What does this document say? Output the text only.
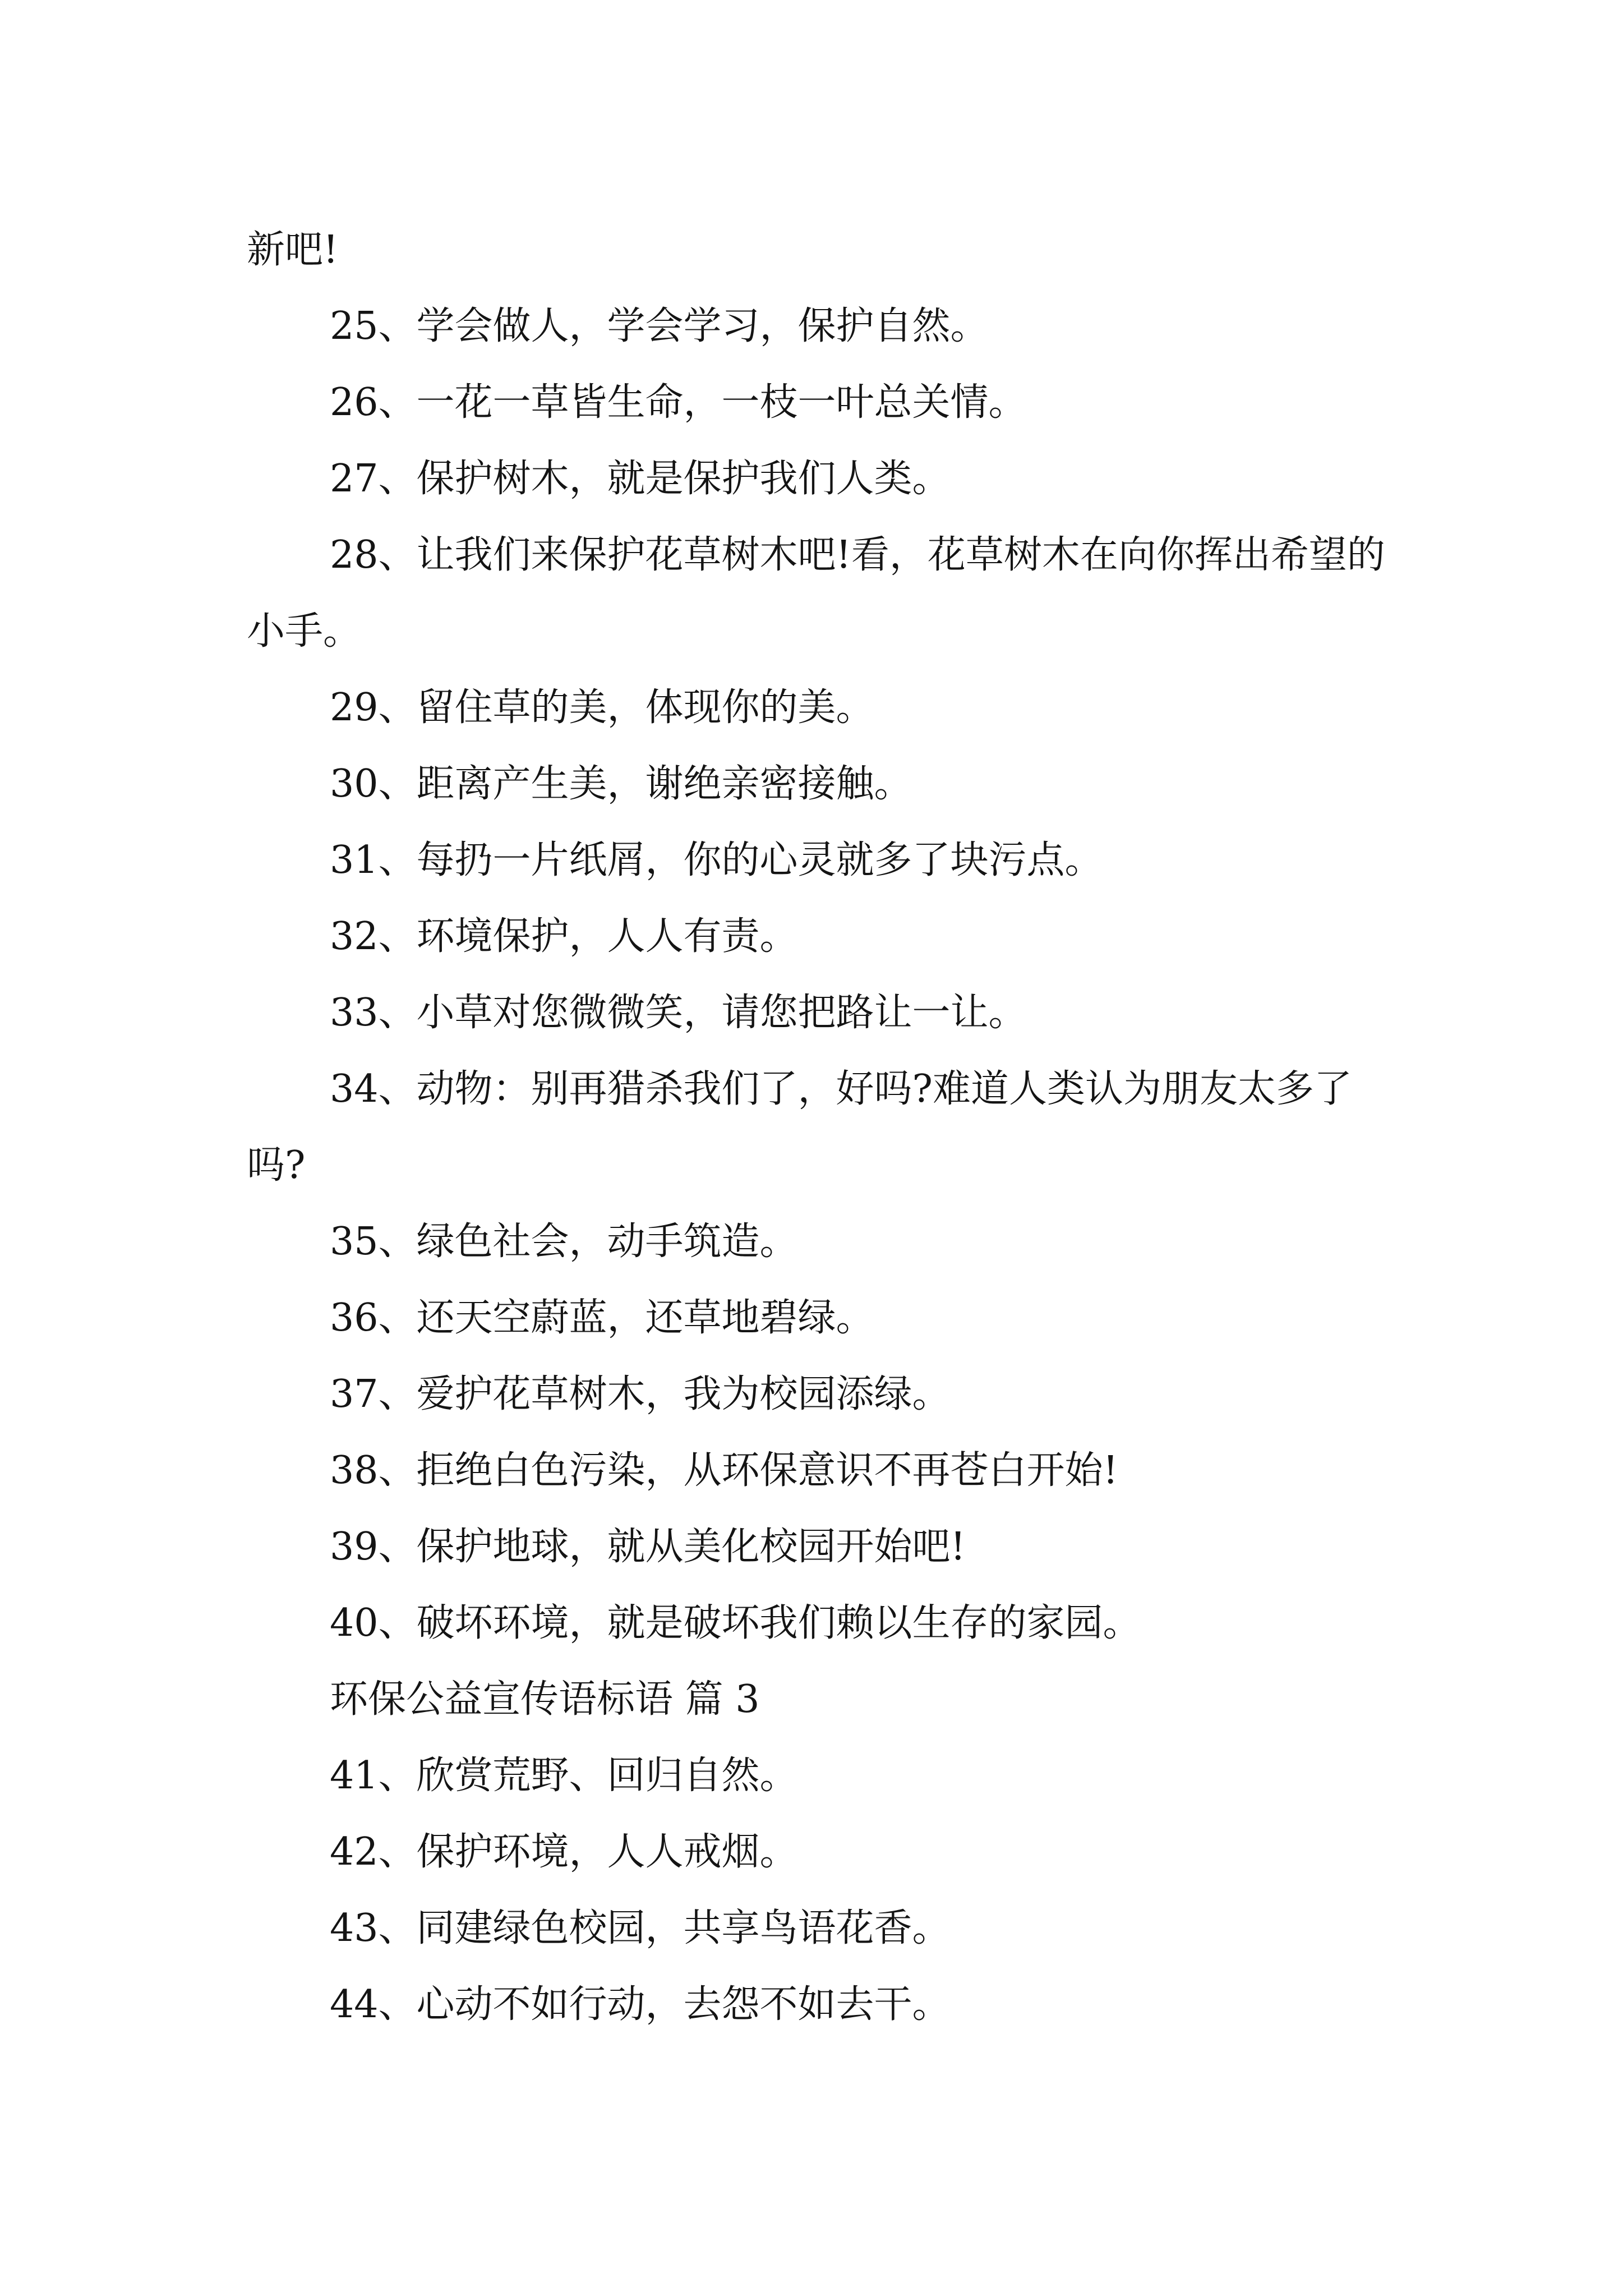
新吧!

25、学会做人，学会学习，保护自然。

26、一花一草皆生命，一枝一叶总关情。

27、保护树木，就是保护我们人类。

28、让我们来保护花草树木吧!看，花草树木在向你挥出希望的小手。

29、留住草的美，体现你的美。

30、距离产生美，谢绝亲密接触。

31、每扔一片纸屑，你的心灵就多了块污点。

32、环境保护，人人有责。

33、小草对您微微笑，请您把路让一让。

34、动物：别再猎杀我们了，好吗?难道人类认为朋友太多了吗?

35、绿色社会，动手筑造。

36、还天空蔚蓝，还草地碧绿。

37、爱护花草树木，我为校园添绿。

38、拒绝白色污染，从环保意识不再苍白开始!

39、保护地球，就从美化校园开始吧!

40、破坏环境，就是破坏我们赖以生存的家园。

环保公益宣传语标语 篇 3

41、欣赏荒野、回归自然。

42、保护环境，人人戒烟。

43、同建绿色校园，共享鸟语花香。

44、心动不如行动，去怨不如去干。
